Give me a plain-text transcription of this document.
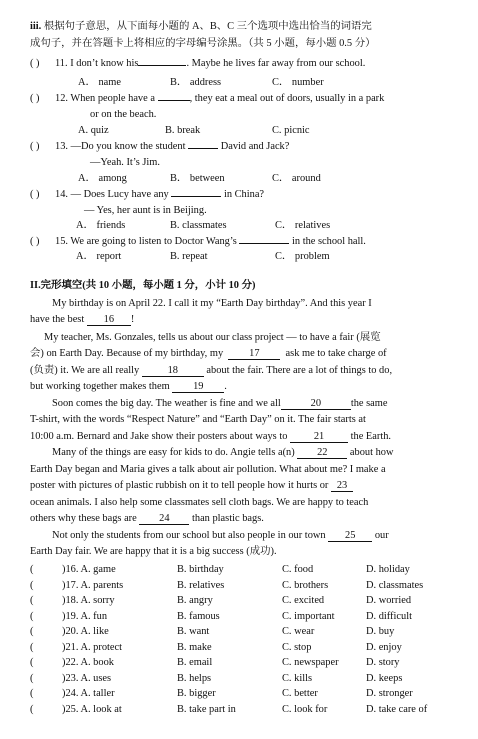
iii. 根据句子意思，从下面每小题的 A、B、C 三个选项中选出恰当的词语完
成句子，并在答题卡上将相应的字母编号涂黑。（共 5 小题，每小题 0.5 分）
( ) 11. I don’t know his	. Maybe he lives far away from our school.
A． name	B． address	C． number
( ) 12. When people have a	, they eat a meal out of doors, usually in a park
or on the beach.
A. quiz	B. break	C. picnic
( ) 13. —Do you know the student	David and Jack?
—Yeah. It’s Jim.
A． among	B． between	C． around
( ) 14. — Does Lucy have any	in China?
— Yes, her aunt is in Beijing.
A． friends	B. classmates	C． relatives
( ) 15. We are going to listen to Doctor Wang’s	in the school hall.
A． report	B. repeat	C． problem
II.完形填空(共 10 小题，每小题 1 分，小计 10 分)
My birthday is on April 22. I call it my “Earth Day birthday”. And this year I
have the best 16 !
My teacher, Ms. Gonzales, tells us about our class project — to have a fair (展览
会) on Earth Day. Because of my birthday, my	17	ask me to take charge of
(负责) it. We are all really	18	about the fair. There are a lot of things to do,
but working together makes them 19 .
Soon comes the big day. The weather is fine and we all	20	the same
T-shirt, with the words “Respect Nature” and “Earth Day” on it. The fair starts at
10:00 a.m. Bernard and Jake show their posters about ways to	21	the Earth.
Many of the things are easy for kids to do. Angie tells a(n) 22 about how
Earth Day began and Maria gives a talk about air pollution. What about me? I make a
poster with pictures of plastic rubbish on it to tell people how it hurts or 23
ocean animals. I also help some classmates sell cloth bags. We are happy to teach
others why these bags are 24 than plastic bags.
Not only the students from our school but also people in our town 25 our
Earth Day fair. We are happy that it is a big success (成功).
(	)16. A. game	B. birthday	C. food	D. holiday
(	)17. A. parents	B. relatives	C. brothers	D. classmates
(	)18. A. sorry	B. angry	C. excited	D. worried
(	)19. A. fun	B. famous	C. important	D. difficult
(	)20. A. like	B. want	C. wear	D. buy
(	)21. A. protect	B. make	C. stop	D. enjoy
(	)22. A. book	B. email	C. newspaper	D. story
(	)23. A. uses	B. helps	C. kills	D. keeps
(	)24. A. taller	B. bigger	C. better	D. stronger
(	)25. A. look at	B. take part in	C. look for	D. take care of
